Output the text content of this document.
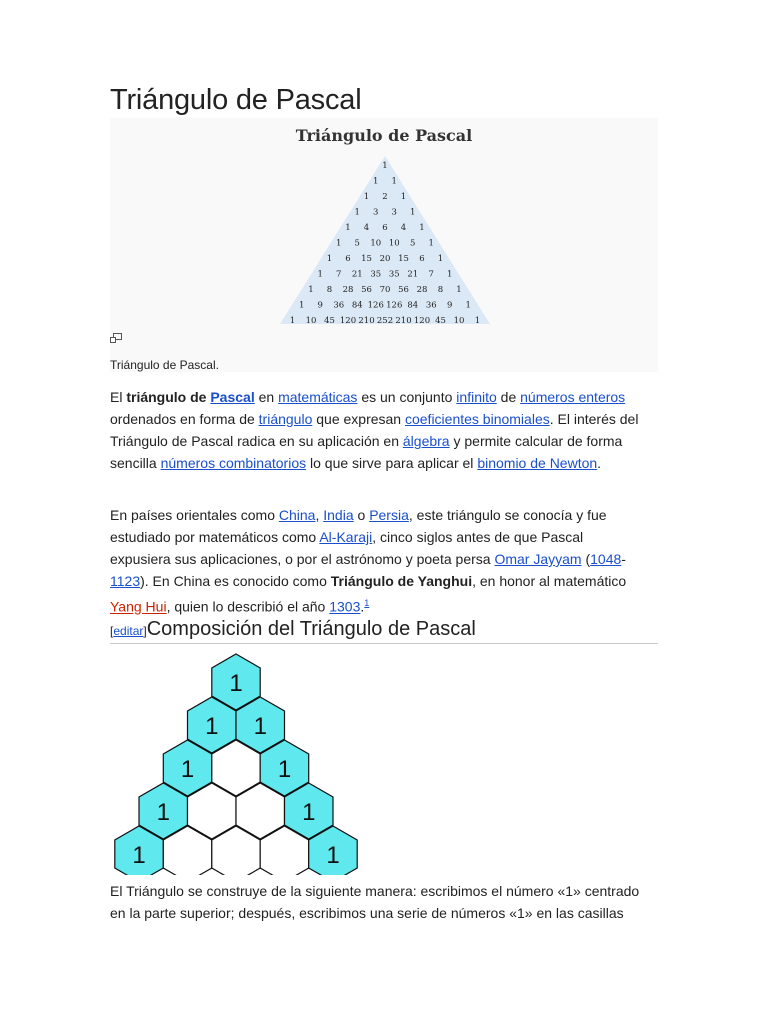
Triángulo de Pascal
Triángulo de Pascal
1
1 1
1 2 1
1 3 3 1
1 4 6 4 1
1 5 10 10 5 1
1 6 15 20 15 6 1
1 7 21 35 35 21 7 1
1 8 28 56 70 56 28 8 1
1 9 36 84 126 126 84 36 9 1
1 10 45 120 210 252 210 120 45 10 1
Triángulo de Pascal.

El triángulo de Pascal en matemáticas es un conjunto infinito de números enteros ordenados en forma de triángulo que expresan coeficientes binomiales. El interés del Triángulo de Pascal radica en su aplicación en álgebra y permite calcular de forma sencilla números combinatorios lo que sirve para aplicar el binomio de Newton.

En países orientales como China, India o Persia, este triángulo se conocía y fue estudiado por matemáticos como Al-Karaji, cinco siglos antes de que Pascal expusiera sus aplicaciones, o por el astrónomo y poeta persa Omar Jayyam (1048-1123). En China es conocido como Triángulo de Yanghui, en honor al matemático Yang Hui, quien lo describió el año 1303.$^1$

[editar]Composición del Triángulo de Pascal
1
1 1
1	1
1	1
1	1

El Triángulo se construye de la siguiente manera: escribimos el número «1» centrado en la parte superior; después, escribimos una serie de números «1» en las casillas
